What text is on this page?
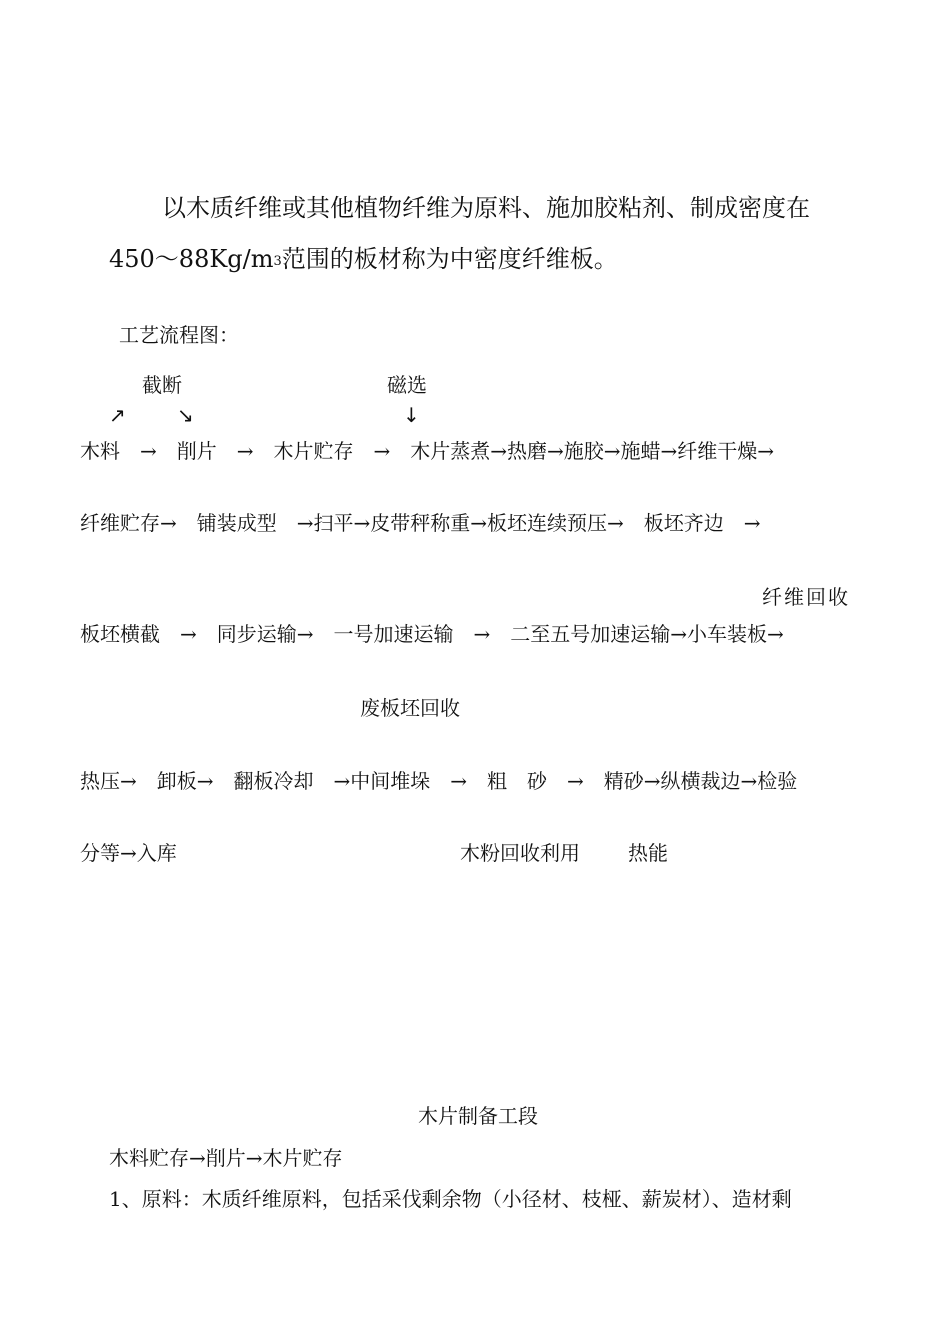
以木质纤维或其他植物纤维为原料、施加胶粘剂、制成密度在
450～88Kg/m3范围的板材称为中密度纤维板。
工艺流程图：
截断	磁选
↗	↘	↓
木料　→　削片　→　木片贮存　→　木片蒸煮→热磨→施胶→施蜡→纤维干燥→
纤维贮存→　铺装成型　→扫平→皮带秤称重→板坯连续预压→　板坯齐边　→
纤维回收
板坯横截　→　同步运输→　一号加速运输　→　二至五号加速运输→小车装板→
废板坯回收
热压→　卸板→　翻板冷却　→中间堆垛　→　粗　砂　→　精砂→纵横裁边→检验
分等→入库	木粉回收利用 热能
木片制备工段
木料贮存→削片→木片贮存
1、原料：木质纤维原料，包括采伐剩余物（小径材、枝桠、薪炭材）、造材剩
